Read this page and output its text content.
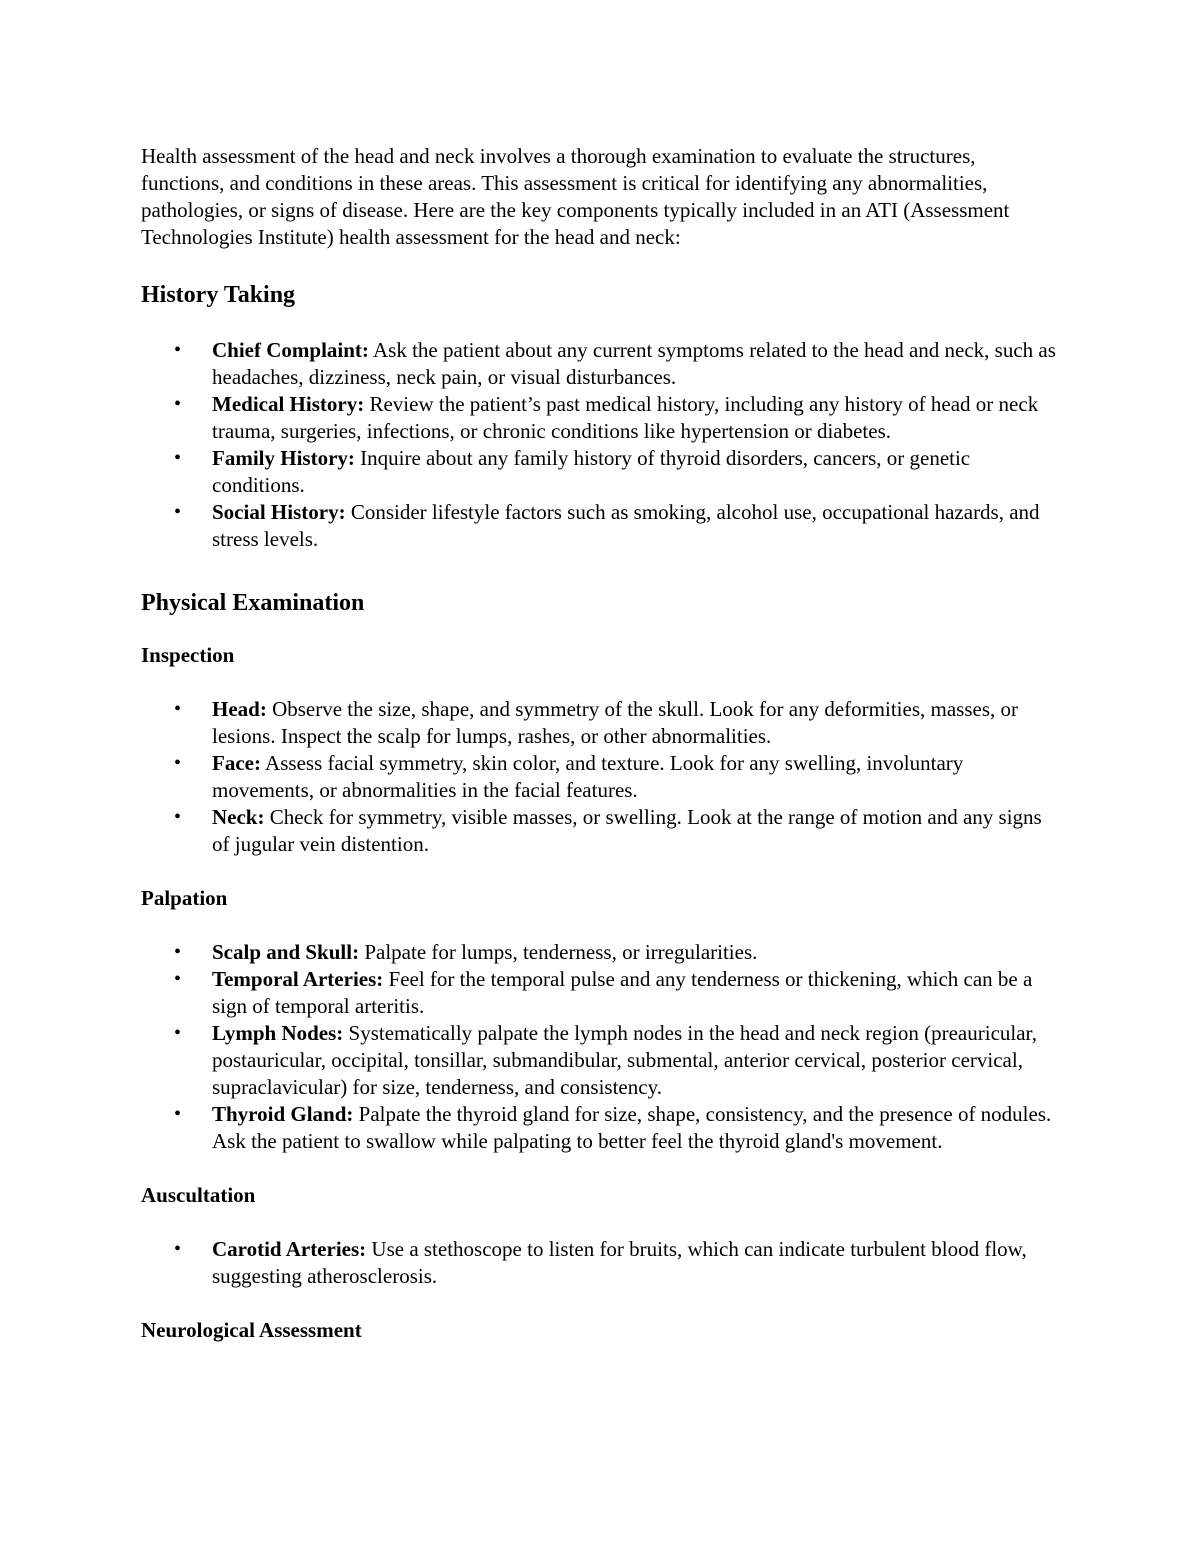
Health assessment of the head and neck involves a thorough examination to evaluate the structures, functions, and conditions in these areas. This assessment is critical for identifying any abnormalities, pathologies, or signs of disease. Here are the key components typically included in an ATI (Assessment Technologies Institute) health assessment for the head and neck:

History Taking
• Chief Complaint: Ask the patient about any current symptoms related to the head and neck, such as headaches, dizziness, neck pain, or visual disturbances.
• Medical History: Review the patient’s past medical history, including any history of head or neck trauma, surgeries, infections, or chronic conditions like hypertension or diabetes.
• Family History: Inquire about any family history of thyroid disorders, cancers, or genetic conditions.
• Social History: Consider lifestyle factors such as smoking, alcohol use, occupational hazards, and stress levels.
Physical Examination
Inspection
• Head: Observe the size, shape, and symmetry of the skull. Look for any deformities, masses, or lesions. Inspect the scalp for lumps, rashes, or other abnormalities.
• Face: Assess facial symmetry, skin color, and texture. Look for any swelling, involuntary movements, or abnormalities in the facial features.
• Neck: Check for symmetry, visible masses, or swelling. Look at the range of motion and any signs of jugular vein distention.
Palpation
• Scalp and Skull: Palpate for lumps, tenderness, or irregularities.
• Temporal Arteries: Feel for the temporal pulse and any tenderness or thickening, which can be a sign of temporal arteritis.
• Lymph Nodes: Systematically palpate the lymph nodes in the head and neck region (preauricular, postauricular, occipital, tonsillar, submandibular, submental, anterior cervical, posterior cervical, supraclavicular) for size, tenderness, and consistency.
• Thyroid Gland: Palpate the thyroid gland for size, shape, consistency, and the presence of nodules. Ask the patient to swallow while palpating to better feel the thyroid gland's movement.
Auscultation
• Carotid Arteries: Use a stethoscope to listen for bruits, which can indicate turbulent blood flow, suggesting atherosclerosis.
Neurological Assessment
